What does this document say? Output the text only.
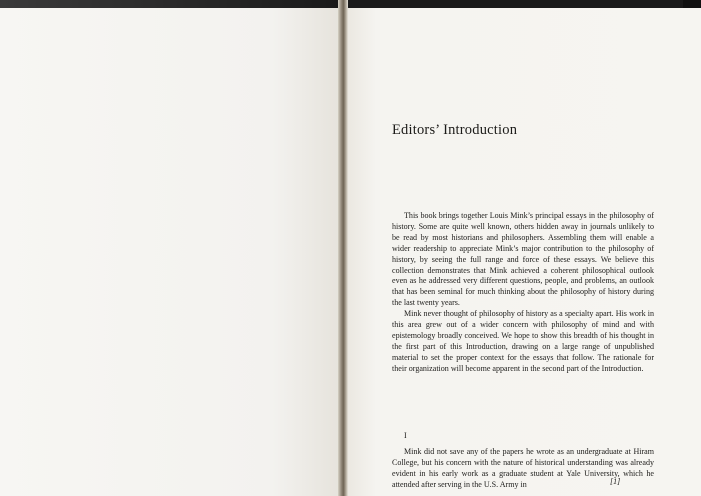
Editors’ Introduction

This book brings together Louis Mink’s principal essays in the philosophy of history. Some are quite well known, others hidden away in journals unlikely to be read by most historians and philosophers. Assembling them will enable a wider readership to appreciate Mink’s major contribution to the philosophy of history, by seeing the full range and force of these essays. We believe this collection demonstrates that Mink achieved a coherent philosophical outlook even as he addressed very different questions, people, and problems, an outlook that has been seminal for much thinking about the philosophy of history during the last twenty years.

Mink never thought of philosophy of history as a specialty apart. His work in this area grew out of a wider concern with philosophy of mind and with epistemology broadly conceived. We hope to show this breadth of his thought in the first part of this Introduction, drawing on a large range of unpublished material to set the proper context for the essays that follow. The rationale for their organization will become apparent in the second part of the Introduction.

I

Mink did not save any of the papers he wrote as an undergraduate at Hiram College, but his concern with the nature of historical understanding was already evident in his early work as a graduate student at Yale University, which he attended after serving in the U.S. Army in	[1]
